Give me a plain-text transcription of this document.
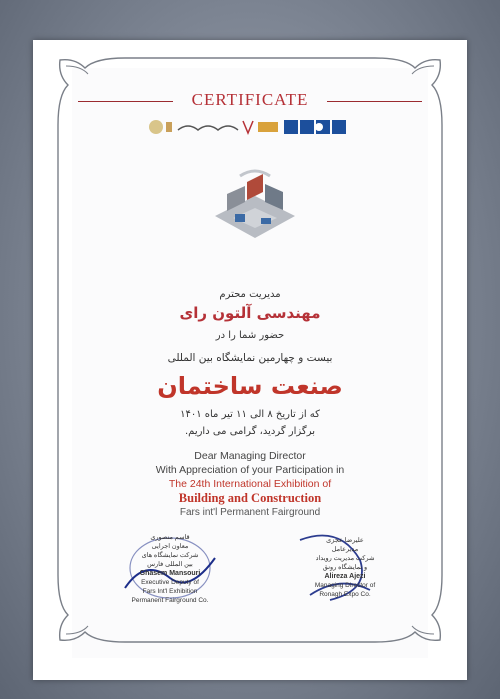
CERTIFICATE
مدیریت محترم
مهندسی آلتون رای
حضور شما را در
بیست و چهارمین نمایشگاه بین المللی
صنعت ساختمان
که از تاریخ ۸ الی ۱۱ تیر ماه ۱۴۰۱
برگزار گردید، گرامی می داریم.
Dear Managing Director
With Appreciation of your Participation in
The 24th International Exhibition of
Building and Construction
Fars int'l Permanent Fairground
قاسم منصوری
معاون اجرایی
شرکت نمایشگاه های
بین المللی فارس
Ghasem Mansouri
Executive Deputy of
Fars Int'l Exhibition
Permanent Fairground Co.
علیرضا عجزی
مدیرعامل
شرکت مدیریت رویداد
و نمایشگاه رونق
Alireza Ajezi
Managing Director of
Ronagh Expo Co.
